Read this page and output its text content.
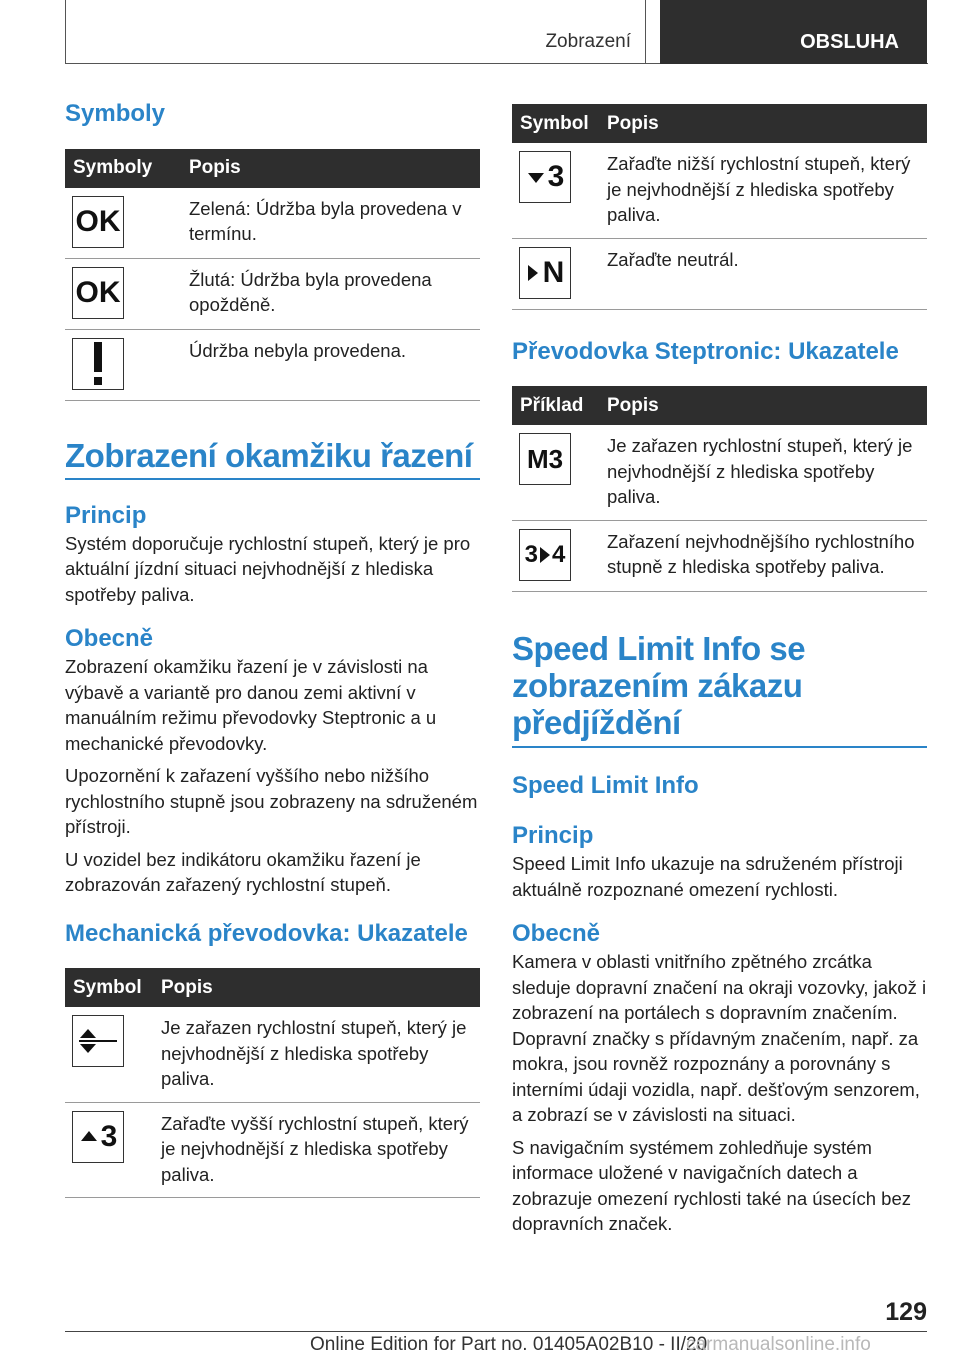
Zobrazení	OBSLUHA
Symboly
Symboly	Popis

OK	Zelená: Údržba byla provedena v termínu.

OK	Žlutá: Údržba byla provedena opožděně.

	Údržba nebyla provedena.
Zobrazení okamžiku řazení
Princip

Systém doporučuje rychlostní stupeň, který je pro aktuální jízdní situaci nejvhodnější z hlediska spotřeby paliva.

Obecně

Zobrazení okamžiku řazení je v závislosti na výbavě a variantě pro danou zemi aktivní v manuálním režimu převodovky Steptronic a u mechanické převodovky.

Upozornění k zařazení vyššího nebo nižšího rychlostního stupně jsou zobrazeny na sdruženém přístroji.

U vozidel bez indikátoru okamžiku řazení je zobrazován zařazený rychlostní stupeň.

Mechanická převodovka: Ukazatele
Symbol	Popis

	Je zařazen rychlostní stupeň, který je nejvhodnější z hlediska spotřeby paliva.

3	Zařaďte vyšší rychlostní stupeň, který je nejvhodnější z hlediska spotřeby paliva.
Symbol	Popis

3	Zařaďte nižší rychlostní stupeň, který je nejvhodnější z hlediska spotřeby paliva.

N	Zařaďte neutrál.
Převodovka Steptronic: Ukazatele
Příklad	Popis

M3	Je zařazen rychlostní stupeň, který je nejvhodnější z hlediska spotřeby paliva.

3 4	Zařazení nejvhodnějšího rychlostního stupně z hlediska spotřeby paliva.
Speed Limit Info se zobrazením zákazu předjíždění
Speed Limit Info
Princip

Speed Limit Info ukazuje na sdruženém přístroji aktuálně rozpoznané omezení rychlosti.

Obecně

Kamera v oblasti vnitřního zpětného zrcátka sleduje dopravní značení na okraji vozovky, jakož i zobrazení na portálech s dopravním značením. Dopravní značky s přídavným značením, např. za mokra, jsou rovněž rozpoznány a porovnány s interními údaji vozidla, např. dešťovým senzorem, a zobrazí se v závislosti na situaci.

S navigačním systémem zohledňuje systém informace uložené v navigačních datech a zobrazuje omezení rychlosti také na úsecích bez dopravních značek.

129
Online Edition for Part no. 01405A02B10 - II/20
carmanualsonline.info
